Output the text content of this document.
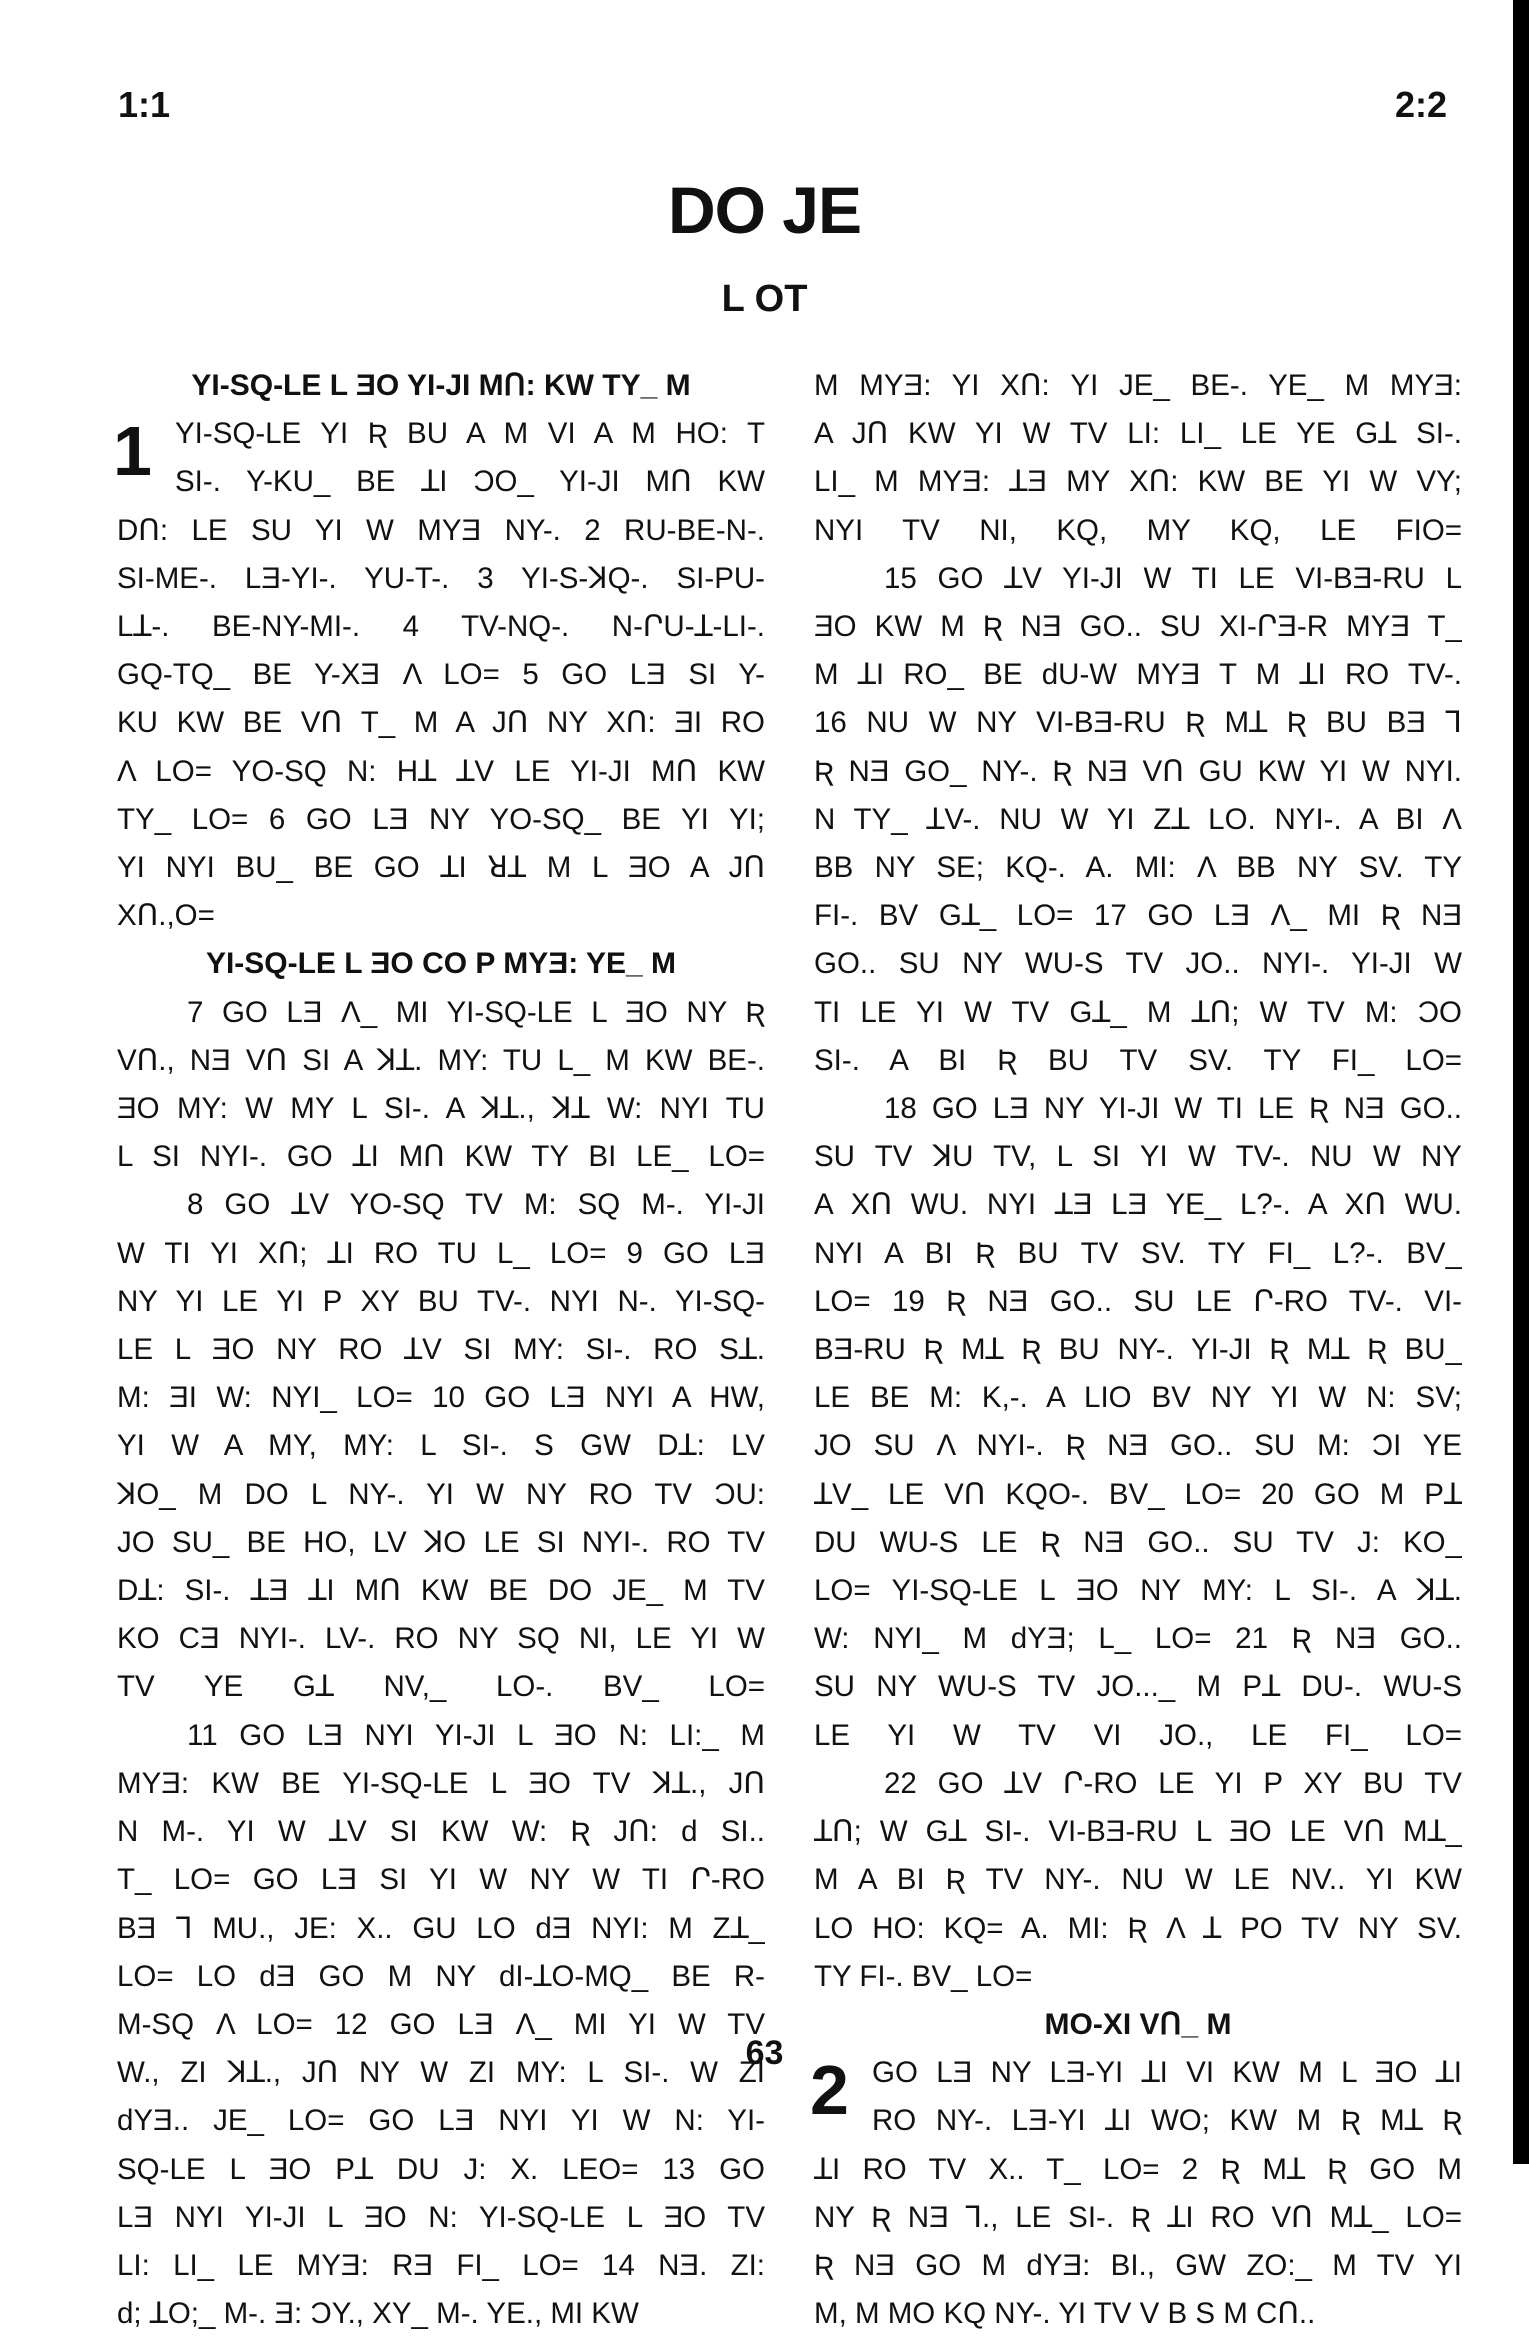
1:1	2:2
DO JE
L OT
YI-SQ-LE L ƎO YI-JI MՈ: KW TY_ M
1 YI-SQ-LE YI Ʀ BU A M VI A M HO: T
SI-. Y-KU_ BE ꓕI ϽO_ YI-JI MՈ KW
DՈ: LE SU YI W MYƎ NY-. 2 RU-BE-N-.
SI-ME-. LƎ-YI-. YU-T-. 3 YI-S-ꓘQ-. SI-PU-
Lꓕ-. BE-NY-MI-. 4 TV-NQ-. N-ՐU-ꓕ-LI-.
GQ-TQ_ BE Y-XƎ Λ LO= 5 GO LƎ SI Y-
KU KW BE VՈ T_ M A JՈ NY XՈ: ƎI RO
Λ LO= YO-SQ N: Hꓕ ꓕV LE YI-JI MՈ KW
TY_ LO= 6 GO LƎ NY YO-SQ_ BE YI YI;
YI NYI BU_ BE GO ꓕI ꓤꓕ M L ƎO A JՈ
XՈ.,O=
YI-SQ-LE L ƎO CO P MYƎ: YE_ M
7 GO LƎ Λ_ MI YI-SQ-LE L ƎO NY Ʀ
VՈ., NƎ VՈ SI A ꓘꓕ. MY: TU L_ M KW BE-.
ƎO MY: W MY L SI-. A ꓘꓕ., ꓘꓕ W: NYI TU
L SI NYI-. GO ꓕI MՈ KW TY BI LE_ LO=
8 GO ꓕV YO-SQ TV M: SQ M-. YI-JI
W TI YI XՈ; ꓕI RO TU L_ LO= 9 GO LƎ
NY YI LE YI P XY BU TV-. NYI N-. YI-SQ-
LE L ƎO NY RO ꓕV SI MY: SI-. RO Sꓕ.
M: ƎI W: NYI_ LO= 10 GO LƎ NYI A HW,
YI W A MY, MY: L SI-. S GW Dꓕ: LV
ꓘO_ M DO L NY-. YI W NY RO TV ϽU:
JO SU_ BE HO, LV ꓘO LE SI NYI-. RO TV
Dꓕ: SI-. ꓕƎ ꓕI MՈ KW BE DO JE_ M TV
KO CƎ NYI-. LV-. RO NY SQ NI, LE YI W
TV YE Gꓕ NV,_ LO-. BV_ LO=
11 GO LƎ NYI YI-JI L ƎO N: LI:_ M
MYƎ: KW BE YI-SQ-LE L ƎO TV ꓘꓕ., JՈ
N M-. YI W ꓕV SI KW W: Ʀ JՈ: ԁ SI..
T_ LO= GO LƎ SI YI W NY W TI Ր-RO
BƎ ꓶ MU., JE: X.. GU LO ԁƎ NYI: M Zꓕ_
LO= LO ԁƎ GO M NY ԁI-ꓕO-MQ_ BE R-
M-SQ Λ LO= 12 GO LƎ Λ_ MI YI W TV
W., ZI ꓘꓕ., JՈ NY W ZI MY: L SI-. W ZI
ԁYƎ.. JE_ LO= GO LƎ NYI YI W N: YI-
SQ-LE L ƎO Pꓕ DU J: X. LEO= 13 GO
LƎ NYI YI-JI L ƎO N: YI-SQ-LE L ƎO TV
LI: LI_ LE MYƎ: RƎ FI_ LO= 14 NƎ. ZI:
ԁ; ꓕO;_ M-. Ǝ: ϽY., XY_ M-. YE., MI KW
M MYƎ: YI XՈ: YI JE_ BE-. YE_ M MYƎ:
A JՈ KW YI W TV LI: LI_ LE YE Gꓕ SI-.
LI_ M MYƎ: ꓕƎ MY XՈ: KW BE YI W VY;
NYI TV NI, KQ, MY KQ, LE FIO=
15 GO ꓕV YI-JI W TI LE VI-BƎ-RU L
ƎO KW M Ʀ NƎ GO.. SU XI-ՐƎ-R MYƎ T_
M ꓕI RO_ BE ԁU-W MYƎ T M ꓕI RO TV-.
16 NU W NY VI-BƎ-RU Ʀ Mꓕ Ʀ BU BƎ ꓶ
Ʀ NƎ GO_ NY-. Ʀ NƎ VՈ GU KW YI W NYI.
N TY_ ꓕV-. NU W YI Zꓕ LO. NYI-. A BI Λ
BB NY SE; KQ-. A. MI: Λ BB NY SV. TY
FI-. BV Gꓕ_ LO= 17 GO LƎ Λ_ MI Ʀ NƎ
GO.. SU NY WU-S TV JO.. NYI-. YI-JI W
TI LE YI W TV Gꓕ_ M ꓕՈ; W TV M: ϽO
SI-. A BI Ʀ BU TV SV. TY FI_ LO=
18 GO LƎ NY YI-JI W TI LE Ʀ NƎ GO..
SU TV ꓘU TV, L SI YI W TV-. NU W NY
A XՈ WU. NYI ꓕƎ LƎ YE_ L?-. A XՈ WU.
NYI A BI Ʀ BU TV SV. TY FI_ L?-. BV_
LO= 19 Ʀ NƎ GO.. SU LE Ր-RO TV-. VI-
BƎ-RU Ʀ Mꓕ Ʀ BU NY-. YI-JI Ʀ Mꓕ Ʀ BU_
LE BE M: K,-. A LIO BV NY YI W N: SV;
JO SU Λ NYI-. Ʀ NƎ GO.. SU M: ϽI YE
ꓕV_ LE VՈ KQO-. BV_ LO= 20 GO M Pꓕ
DU WU-S LE Ʀ NƎ GO.. SU TV J: KO_
LO= YI-SQ-LE L ƎO NY MY: L SI-. A ꓘꓕ.
W: NYI_ M ԁYƎ; L_ LO= 21 Ʀ NƎ GO..
SU NY WU-S TV JO..._ M Pꓕ DU-. WU-S
LE YI W TV VI JO., LE FI_ LO=
22 GO ꓕV Ր-RO LE YI P XY BU TV
ꓕՈ; W Gꓕ SI-. VI-BƎ-RU L ƎO LE VՈ Mꓕ_
M A BI Ʀ TV NY-. NU W LE NV.. YI KW
LO HO: KQ= A. MI: Ʀ Λ ꓕ PO TV NY SV.
TY FI-. BV_ LO=
MO-XI VՈ_ M
2 GO LƎ NY LƎ-YI ꓕI VI KW M L ƎO ꓕI
RO NY-. LƎ-YI ꓕI WO; KW M Ʀ Mꓕ Ʀ
ꓕI RO TV X.. T_ LO= 2 Ʀ Mꓕ Ʀ GO M
NY Ʀ NƎ ꓶ., LE SI-. Ʀ ꓕI RO VՈ Mꓕ_ LO=
Ʀ NƎ GO M ԁYƎ: BI., GW ZO:_ M TV YI
M, M MO KQ NY-. YI TV V B S M CՈ..
63
